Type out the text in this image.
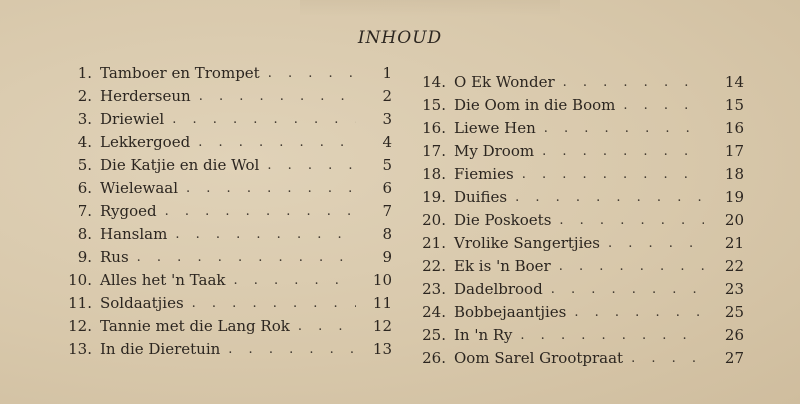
INHOUD
1. . . . Tamboer en Trompet	1
2. . . . Herderseun	2
3. . . . Driewiel	3
4. . . . Lekkergoed	4
5. . . . Die Katjie en die Wol	5
6. . . . Wielewaal	6
7. . . . Rygoed	7
8. . . . Hanslam	8
9. . . . Rus	9
10. . . . Alles het 'n Taak	10
11. . . . Soldaatjies	11
12. . . . Tannie met die Lang Rok	12
13. . . . In die Dieretuin	13
14. . . . O Ek Wonder	14
15. . . . Die Oom in die Boom	15
16. . . . Liewe Hen	16
17. . . . My Droom	17
18. . . . Fiemies	18
19. . . . Duifies	19
20. . . . Die Poskoets	20
21. . . . Vrolike Sangertjies	21
22. . . . Ek is 'n Boer	22
23. . . . Dadelbrood	23
24. . . . Bobbejaantjies	25
25. . . . In 'n Ry	26
26. . . . Oom Sarel Grootpraat	27
